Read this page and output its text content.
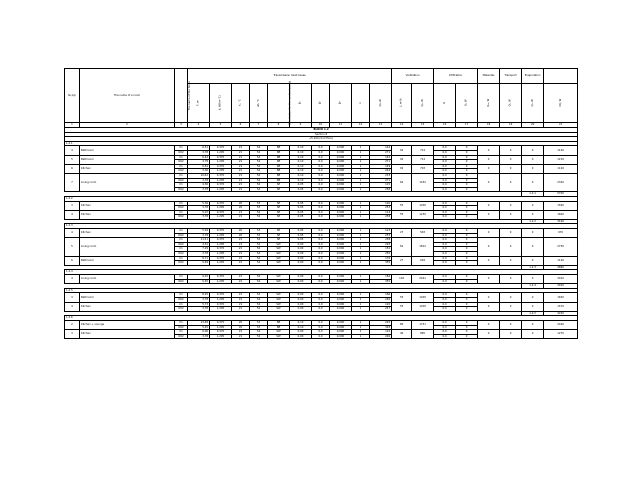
№ p/p	The name of a room	The name of the fence	Transmission heat losses										Ventilation		Infiltration		Materials	Transport	Evaporation	
			F, м²	k, W/(м²°C)	tᵥ, °C	Δt, °C	Orientation for the cardinal points	β₁	β₂	β₃	n	Q₀, W	L, м³/h	Qᵥ, W	G	Qᵢ, W	Qₘ, W	Qₜ, W	Qₑ, W	ΣQ, W
1	2	3	4	5	6	7	8	9	10	11	12	13	14	15	16	17	18	19	20	21
BLOCK 1.2																				
Section 8																				
+5.100 (2nd floor)																				
1.2.1																				
4	Bathroom	C1	6,51	0,370	21	54	NE	0,10	0,0	0,000	1	144	92	714	0,0	0	0	0	0	1140
		OK2	3,78	1,205	21	54	NE	0,10	0,0	0,000	1	271			0,0	0				
5	Bathroom	C1	6,42	0,370	21	54	NE	0,10	0,0	0,000	1	142	92	714	0,0	0	0	0	0	1150
		OK2	3,78	1,205	21	54	NE	0,10	0,0	0,000	1	271			0,0	0				
6	Kitchen	C1	6,81	0,370	21	54	NE	0,10	0,0	0,000	1	149	92	703	0,0	0	0	0	0	1120
		OK2	3,36	1,205	21	54	NE	0,10	0,0	0,000	1	244			0,0	0				
7	Living room	C1	10,62	0,370	21	54	NE	0,10	0,0	0,000	1	233	64	1432	0,0	0	0	0	0	2340
		OK2	3,78	1,205	21	54	NE	0,10	0,0	0,000	1	271			0,0	0				
		C1	4,36	0,370	21	54	SE	0,05	0,0	0,000	1	115			0,0	0				
		OK2	3,78	1,205	21	54	SE	0,05	0,0	0,000	1	258			0,0	0				
																			1.2.1	5700
1.2.2																				
3	Kitchen	C1	5,36	0,370	20	53	SE	0,05	0,0	0,000	1	120	55	1200	0,0	0	0	0	0	1590
		OK2	3,78	1,205	20	53	SE	0,05	0,0	0,000	1	253			0,0	0				
4	Kitchen	C1	5,07	0,370	21	54	SE	0,05	0,0	0,000	1	114	55	1230	0,0	0	0	0	0	1600
		OK2	3,78	1,205	21	54	SE	0,05	0,0	0,000	1	258			0,0	0				
																			1.2.2	3190
1.2.3																				
4	Kitchen	C1	5,94	0,370	20	53	SE	0,05	0,0	0,000	1	123	27	593	0,0	0	0	0	0	970
		OK2	3,78	1,205	20	53	SE	0,05	0,0	0,000	1	253			0,0	0				
5	Living room	C1	11,51	0,370	21	54	SE	0,05	0,0	0,000	1	258	81	1812	0,0	0	0	0	0	2750
		OK2	4,51	1,205	21	54	SW	0,00	0,0	0,000	1	293			0,0	0				
		C1	7,29	0,370	21	54	SW	0,00	0,0	0,000	1	152			0,0	0				
		OK2	3,78	1,205	21	54	SW	0,00	0,0	0,000	1	255			0,0	0				
6	Bathroom	C1	8,71	0,370	21	54	SW	0,00	0,0	0,000	1	176	27	604	0,0	0	0	0	0	1140
		OK2	5,49	1,205	21	54	SW	0,00	0,0	0,000	1	355			0,0	0				
																			1.2.3	4860
1.2.4																				
4	Living room	C1	9,25	0,370	21	54	SW	0,00	0,0	0,000	1	184	118	2441	0,0	0	0	0	0	3010
		OK2	5,45	1,205	21	54	SW	0,00	0,0	0,000	1	355			0,0	0				
																			1.2.4	3010
1.2.5																				
3	Bathroom	C1	8,25	0,370	21	54	SW	0,00	0,0	0,000	1	166	55	1200	0,0	0	0	0	0	1650
		OK2	3,78	1,205	21	54	SW	0,00	0,0	0,000	1	246			0,0	0				
4	Kitchen	C1	5,73	0,370	21	54	SW	0,00	0,0	0,000	1	120	55	1200	0,0	0	0	0	0	1570
		OK2	3,78	1,205	21	54	SW	0,00	0,0	0,000	1	247			0,0	0				
																			1.2.5	3220
1.2.6																				
2	Kitchen + Lounge	C1	13,48	0,370	20	53	NE	0,10	0,0	0,000	1	293	80	1751	0,0	0	0	0	0	2440
		OK2	5,45	1,205	20	53	NE	0,10	0,0	0,000	1	393			0,0	0				
3	Kitchen	C1	6,06	0,370	21	54	SW	0,00	0,0	0,000	1	122	40	895	0,0	0	0	0	0	1270
		OK2	3,78	1,205	21	54	SW	0,00	0,0	0,000	1	246			0,0	0				
